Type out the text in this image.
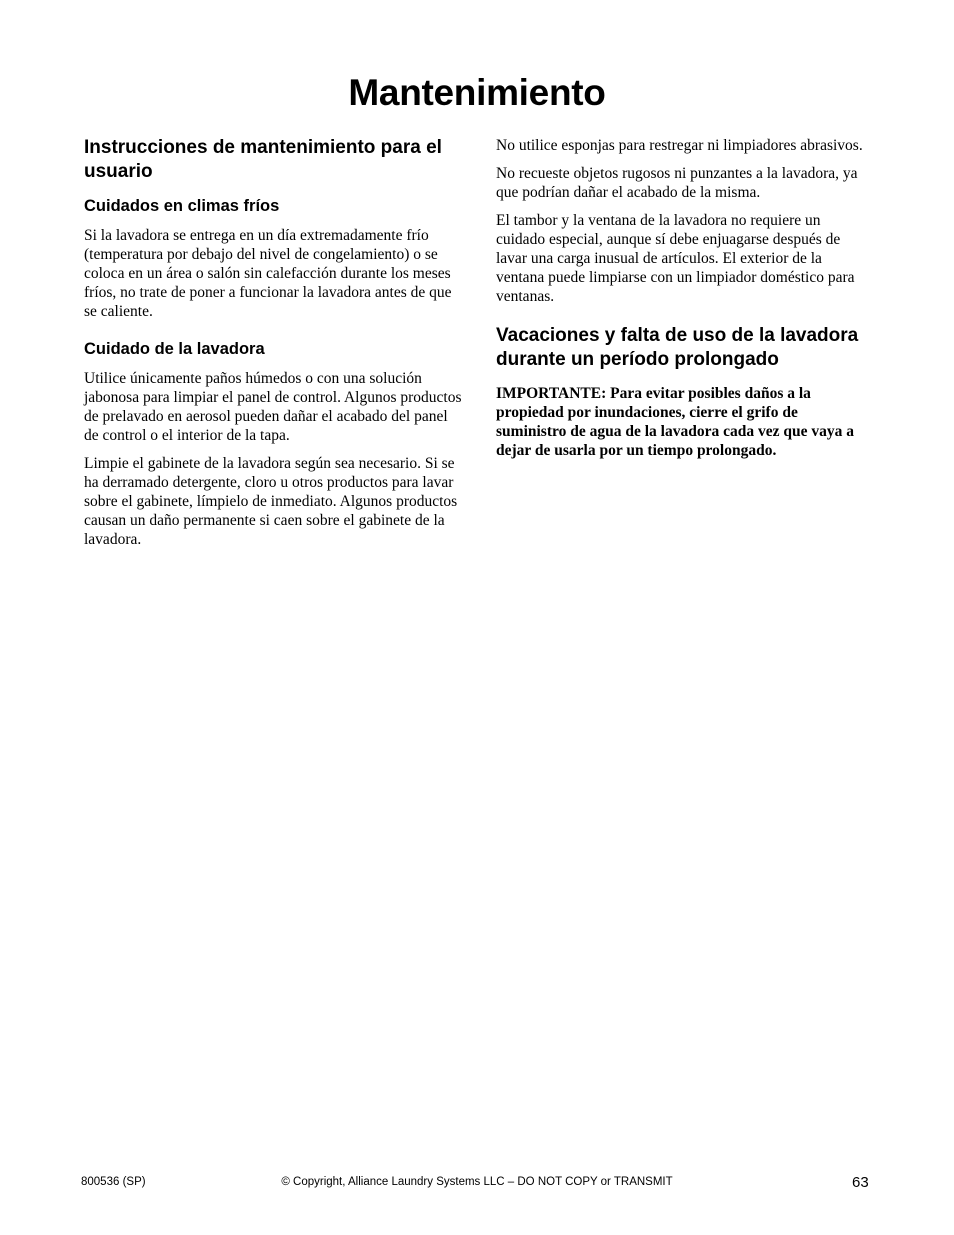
Mantenimiento
Instrucciones de mantenimiento para el usuario
Cuidados en climas fríos

Si la lavadora se entrega en un día extremadamente frío (temperatura por debajo del nivel de congelamiento) o se coloca en un área o salón sin calefacción durante los meses fríos, no trate de poner a funcionar la lavadora antes de que se caliente.

Cuidado de la lavadora

Utilice únicamente paños húmedos o con una solución jabonosa para limpiar el panel de control. Algunos productos de prelavado en aerosol pueden dañar el acabado del panel de control o el interior de la tapa.

Limpie el gabinete de la lavadora según sea necesario. Si se ha derramado detergente, cloro u otros productos para lavar sobre el gabinete, límpielo de inmediato. Algunos productos causan un daño permanente si caen sobre el gabinete de la lavadora.

No utilice esponjas para restregar ni limpiadores abrasivos.

No recueste objetos rugosos ni punzantes a la lavadora, ya que podrían dañar el acabado de la misma.

El tambor y la ventana de la lavadora no requiere un cuidado especial, aunque sí debe enjuagarse después de lavar una carga inusual de artículos. El exterior de la ventana puede limpiarse con un limpiador doméstico para ventanas.

Vacaciones y falta de uso de la lavadora durante un período prolongado

IMPORTANTE: Para evitar posibles daños a la propiedad por inundaciones, cierre el grifo de suministro de agua de la lavadora cada vez que vaya a dejar de usarla por un tiempo prolongado.

800536 (SP)	© Copyright, Alliance Laundry Systems LLC – DO NOT COPY or TRANSMIT	63
